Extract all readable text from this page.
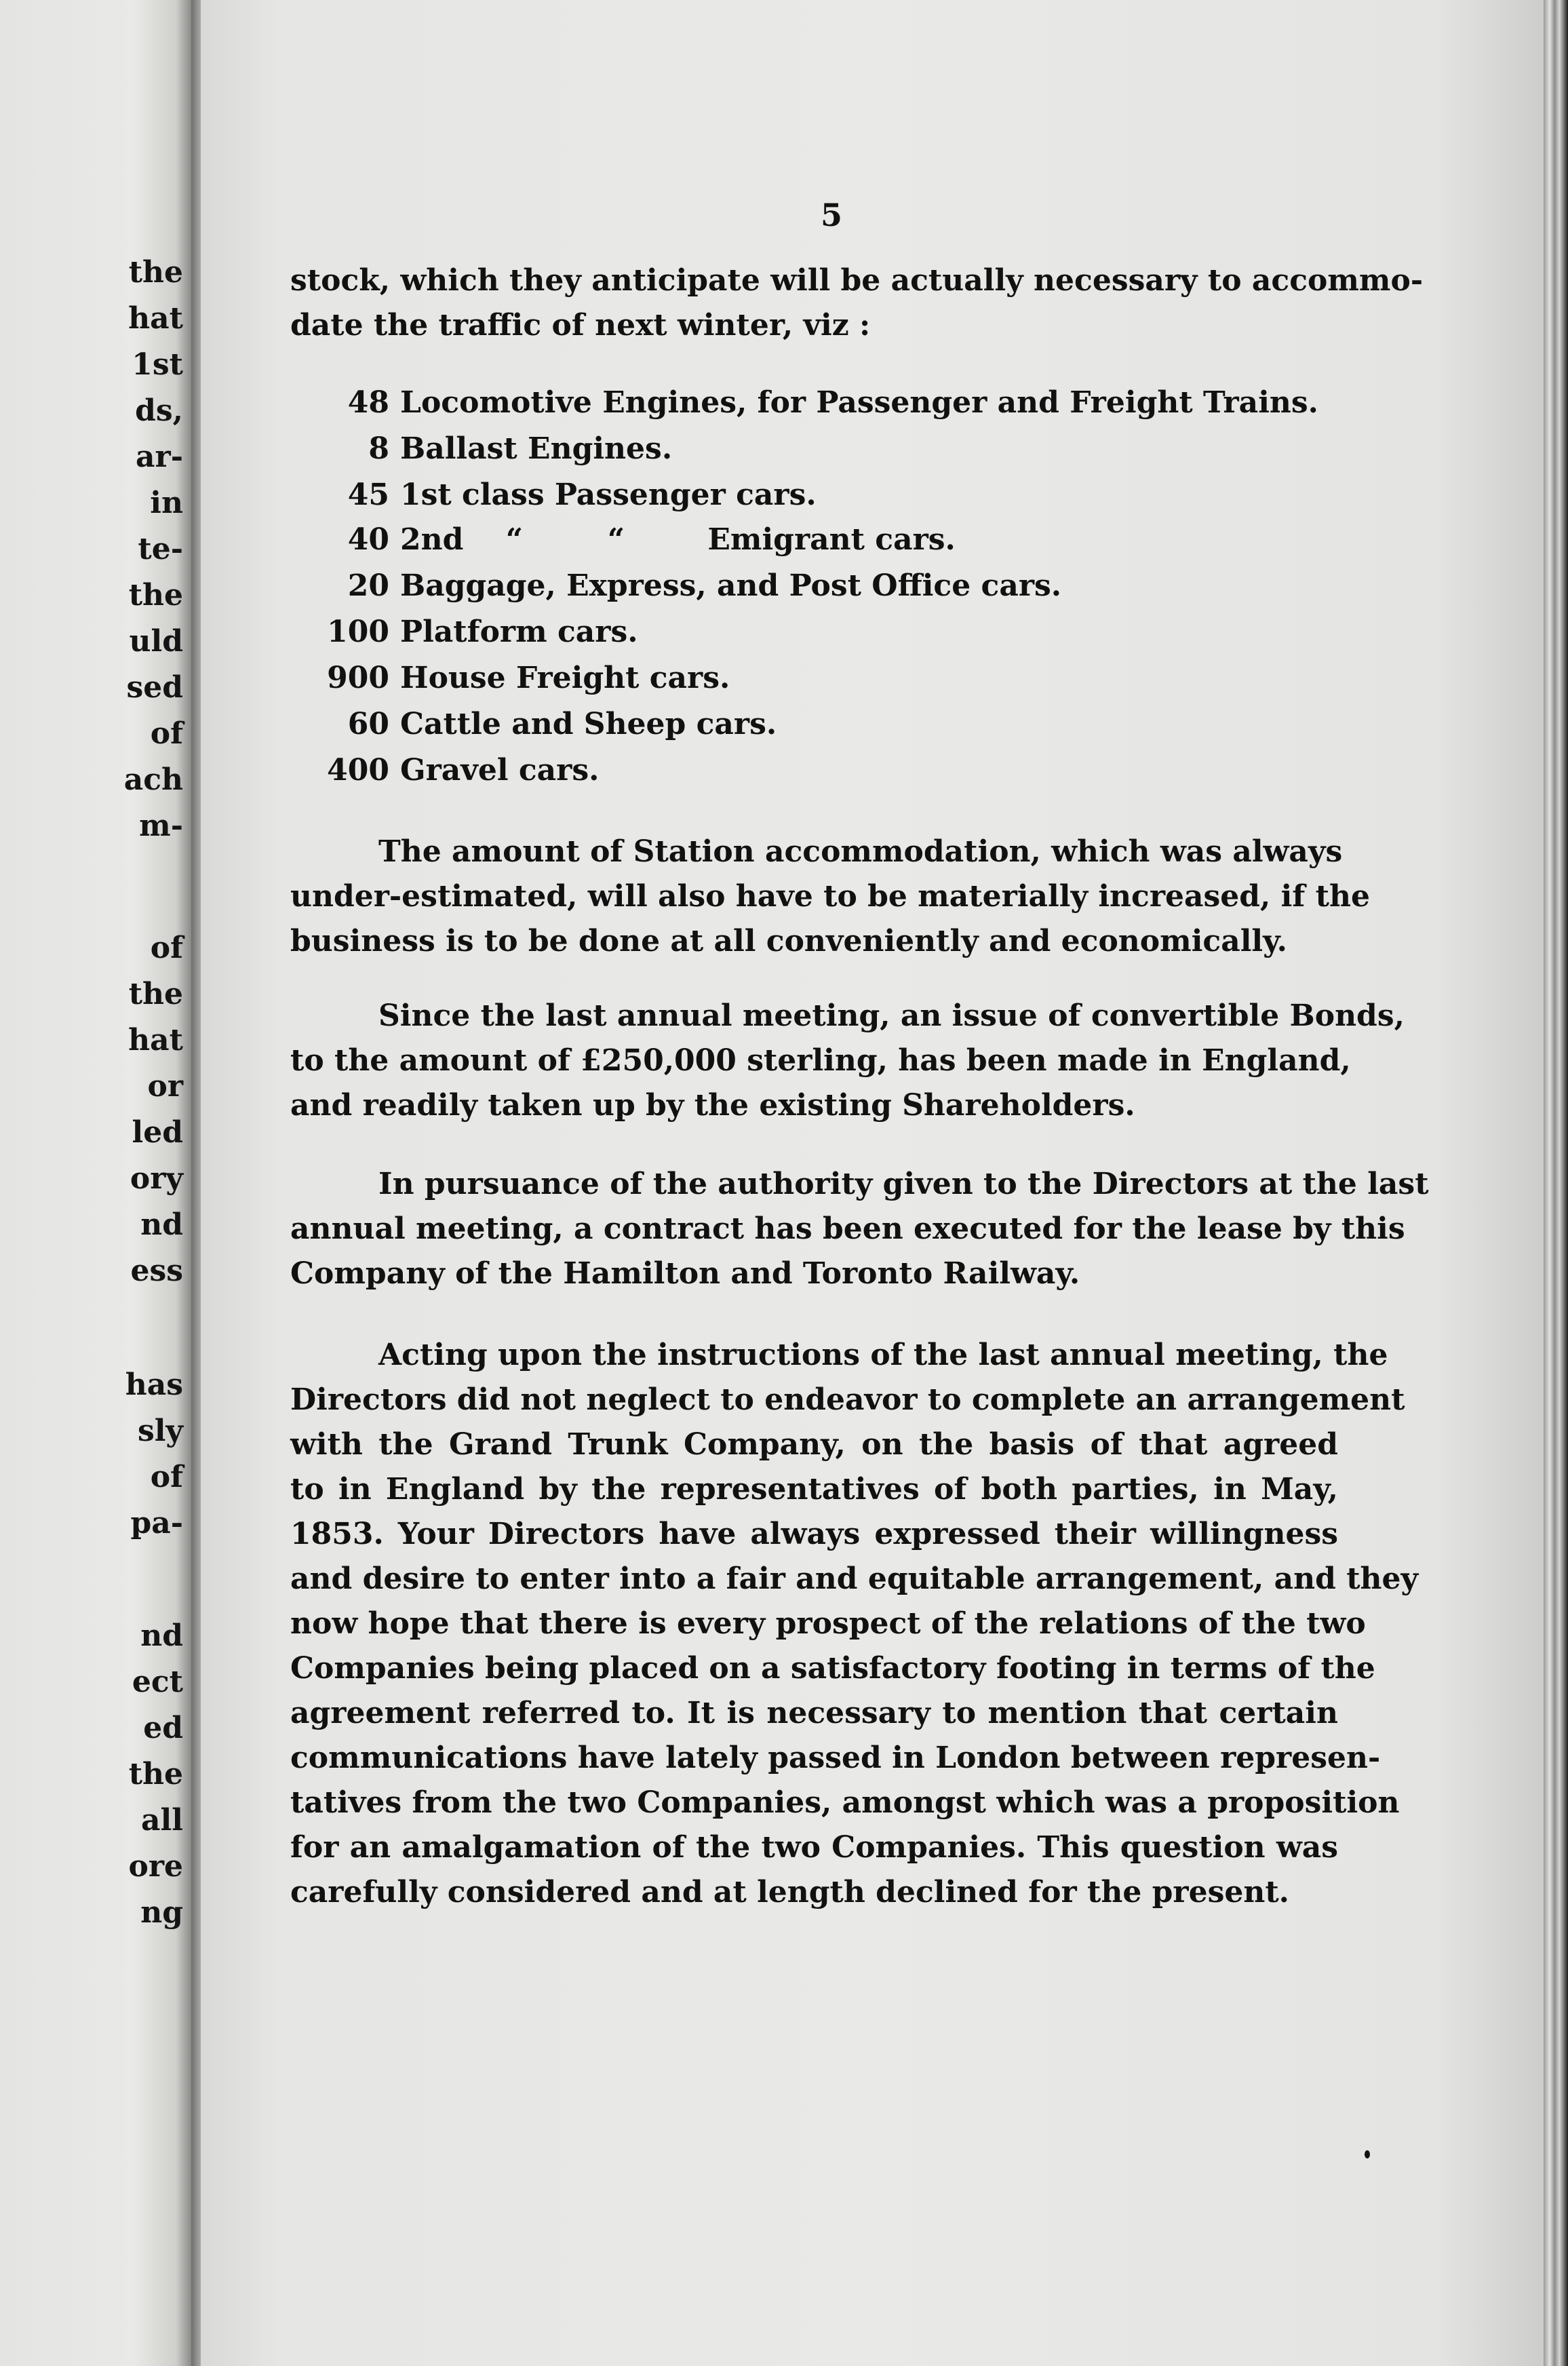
the
hat
1st
ds,
ar-
in
te-
the
uld
sed
of
ach
m-
of
the
hat
or
led
ory
nd
ess
has
sly
of
pa-
nd
ect
ed
the
all
ore
ng
5
stock, which they anticipate will be actually necessary to accommo-
date the traffic of next winter, viz :
48 Locomotive Engines, for Passenger and Freight Trains.
8 Ballast Engines.
45 1st class Passenger cars.
40 2nd “	“	Emigrant cars.
20 Baggage, Express, and Post Office cars.
100 Platform cars.
900 House Freight cars.
60 Cattle and Sheep cars.
400 Gravel cars.
The amount of Station accommodation, which was always
under-estimated, will also have to be materially increased, if the
business is to be done at all conveniently and economically.
Since the last annual meeting, an issue of convertible Bonds,
to the amount of £250,000 sterling, has been made in England,
and readily taken up by the existing Shareholders.
In pursuance of the authority given to the Directors at the last
annual meeting, a contract has been executed for the lease by this
Company of the Hamilton and Toronto Railway.
Acting upon the instructions of the last annual meeting, the
Directors did not neglect to endeavor to complete an arrangement
with the Grand Trunk Company, on the basis of that agreed
to in England by the representatives of both parties, in May,
1853. Your Directors have always expressed their willingness
and desire to enter into a fair and equitable arrangement, and they
now hope that there is every prospect of the relations of the two
Companies being placed on a satisfactory footing in terms of the
agreement referred to. It is necessary to mention that certain
communications have lately passed in London between represen-
tatives from the two Companies, amongst which was a proposition
for an amalgamation of the two Companies. This question was
carefully considered and at length declined for the present.
